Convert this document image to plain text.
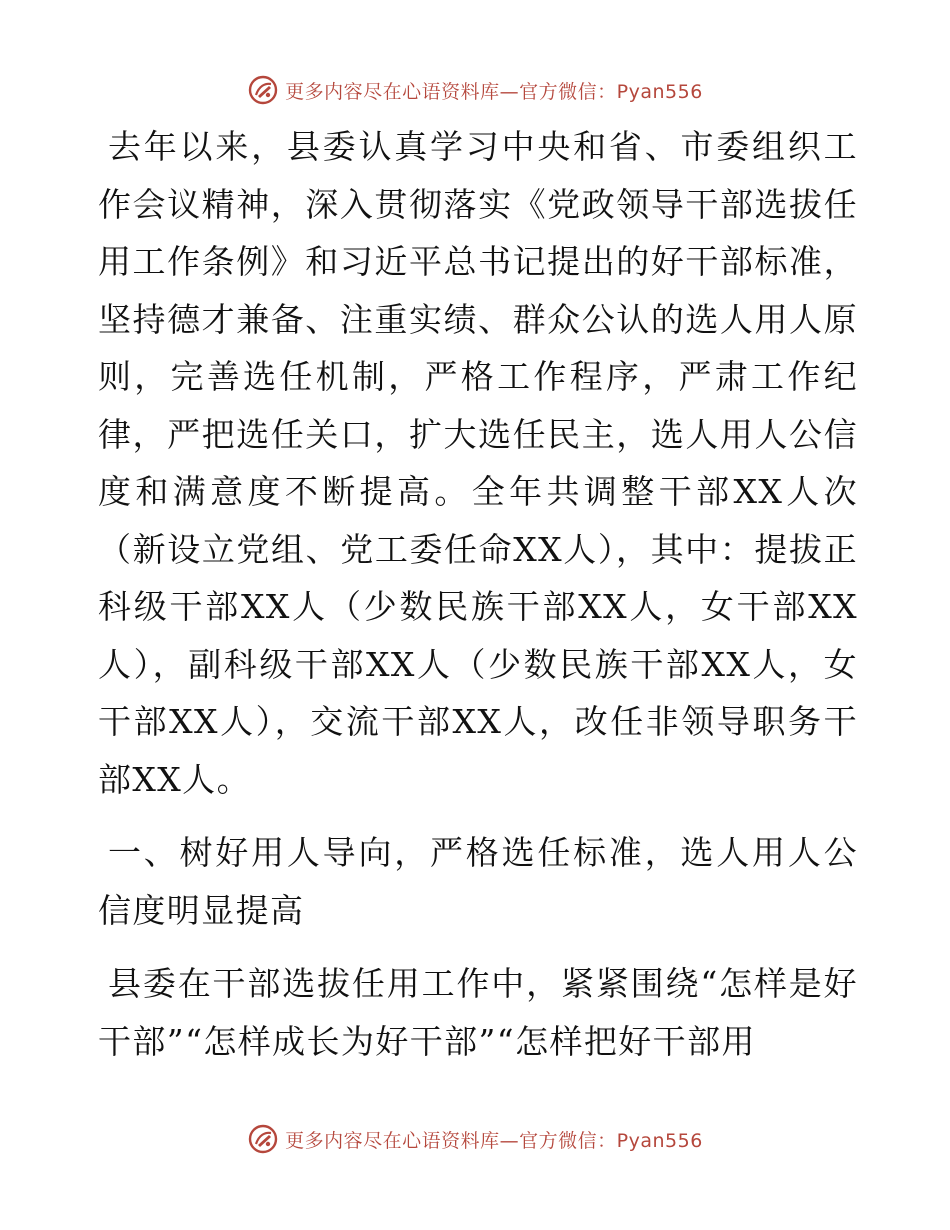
更多内容尽在心语资料库—官方微信：Pyan556

去年以来，县委认真学习中央和省、市委组织工作会议精神，深入贯彻落实《党政领导干部选拔任用工作条例》和习近平总书记提出的好干部标准，坚持德才兼备、注重实绩、群众公认的选人用人原则，完善选任机制，严格工作程序，严肃工作纪律，严把选任关口，扩大选任民主，选人用人公信度和满意度不断提高。全年共调整干部XX人次（新设立党组、党工委任命XX人），其中：提拔正科级干部XX人（少数民族干部XX人，女干部XX人），副科级干部XX人（少数民族干部XX人，女干部XX人），交流干部XX人，改任非领导职务干部XX人。

一、树好用人导向，严格选任标准，选人用人公信度明显提高

县委在干部选拔任用工作中，紧紧围绕“怎样是好干部”“怎样成长为好干部”“怎样把好干部用

更多内容尽在心语资料库—官方微信：Pyan556
